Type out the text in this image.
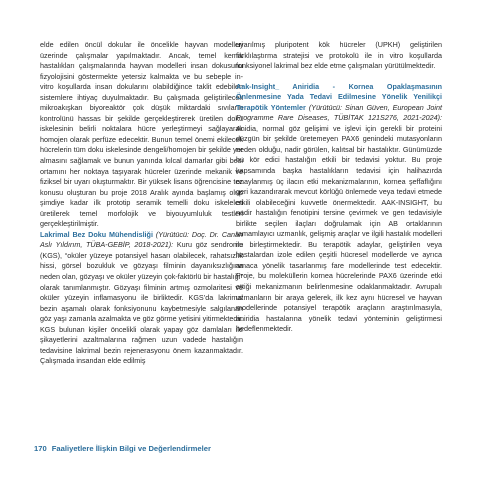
elde edilen öncül dokular ile öncelikle hayvan modelleri üzerinde çalışmalar yapılmaktadır. Ancak, temel kemik hastalıkları çalışmalarında hayvan modelleri insan dokusunu fizyolojisini göstermekte yetersiz kalmakta ve bu sebeple in-vitro koşullarda insan dokularını olabildiğince taklit edebilen sistemlere ihtiyaç duyulmaktadır. Bu çalışmada geliştirilecek mikroakışkan biyoreaktör çok düşük miktardaki sıvıların kontrolünü hassas bir şekilde gerçekleştirerek üretilen doku iskelesinin belirli noktalara hücre yerleştirmeyi sağlayarak homojen olarak perfüze edecektir. Bunun temel önemi ekilecek hücrelerin tüm doku iskelesinde dengeli/homojen bir şekilde yer almasını sağlamak ve bunun yanında kılcal damarlar gibi besi ortamını her noktaya taşıyarak hücreler üzerinde mekanik ve fiziksel bir uyarı oluşturmaktır. Bir yüksek lisans öğrencisine tez konusu oluşturan bu proje 2018 Aralık ayında başlamış olup şimdiye kadar ilk prototip seramik temelli doku iskeleleri üretilerek temel morfolojik ve biyouyumluluk testleri gerçekleştirilmiştir.

Lakrimal Bez Doku Mühendisliği (Yürütücü: Doç. Dr. Canan Aslı Yıldırım, TÜBA-GEBİP, 2018-2021): Kuru göz sendromu (KGS), “oküler yüzeye potansiyel hasarı olabilecek, rahatsızlık hissi, görsel bozukluk ve gözyaşı filminin dayanıksızlığına neden olan, gözyaşı ve oküler yüzeyin çok-faktörlü bir hastalığı” olarak tanımlanmıştır. Gözyaşı filminin artmış ozmolaritesi ve oküler yüzeyin inflamasyonu ile birliktedir. KGS’da lakrimal bezin aşamalı olarak fonksiyonunu kaybetmesiyle salgılanan göz yaşı zamanla azalmakta ve göz görme yetisini yitirmektedir. KGS bulunan kişiler öncelikli olarak yapay göz damlaları ile şikayetlerini azaltmalarına rağmen uzun vadede hastalığın tedavisine lakrimal bezin rejenerasyonu önem kazanmaktadır. Çalışmada insandan elde edilmiş

uyarılmış pluripotent kök hücreler (UPKH) geliştirilen farklılaştırma stratejisi ve protokolü ile in vitro koşullarda fonksiyonel lakrimal bez elde etme çalışmaları yürütülmektedir.

Aak-Insight_ Aniridia - Kornea Opaklaşmasının Önlenmesine Yada Tedavi Edilmesine Yönelik Yenilikçi Terapötik Yöntemler (Yürütücü: Sinan Güven, European Joint Programme Rare Diseases, TÜBİTAK 121S276, 2021-2024): Anidia, normal göz gelişimi ve işlevi için gerekli bir proteini düzgün bir şekilde üretemeyen PAX6 genindeki mutasyonların neden olduğu, nadir görülen, kalıtsal bir hastalıktır. Günümüzde bu kör edici hastalığın etkili bir tedavisi yoktur. Bu proje kapsamında başka hastalıkların tedavisi için halihazırda onaylanmış üç ilacın etki mekanizmalarının, kornea şeffaflığını geri kazandırarak mevcut körlüğü önlemede veya tedavi etmede etkili olabileceğini kuvvetle önermektedir. AAK-INSIGHT, bu nadir hastalığın fenotipini tersine çevirmek ve gen tedavisiyle birlikte seçilen ilaçları doğrulamak için AB ortaklarının tamamlayıcı uzmanlık, gelişmiş araçlar ve ilgili hastalık modelleri ile birleştirmektedir. Bu terapötik adaylar, geliştirilen veya hastalardan izole edilen çeşitli hücresel modellerde ve ayrıca amaca yönelik tasarlanmış fare modellerinde test edecektir. Proje, bu moleküllerin kornea hücrelerinde PAX6 üzerinde etki ettiği mekanizmanın belirlenmesine odaklanmaktadır. Avrupalı uzmanların bir araya gelerek, ilk kez aynı hücresel ve hayvan modellerinde potansiyel terapötik araçların araştırılmasıyla, aniridia hastalarına yönelik tedavi yönteminin geliştirmesi hedeflenmektedir.

170 Faaliyetlere İlişkin Bilgi ve Değerlendirmeler
